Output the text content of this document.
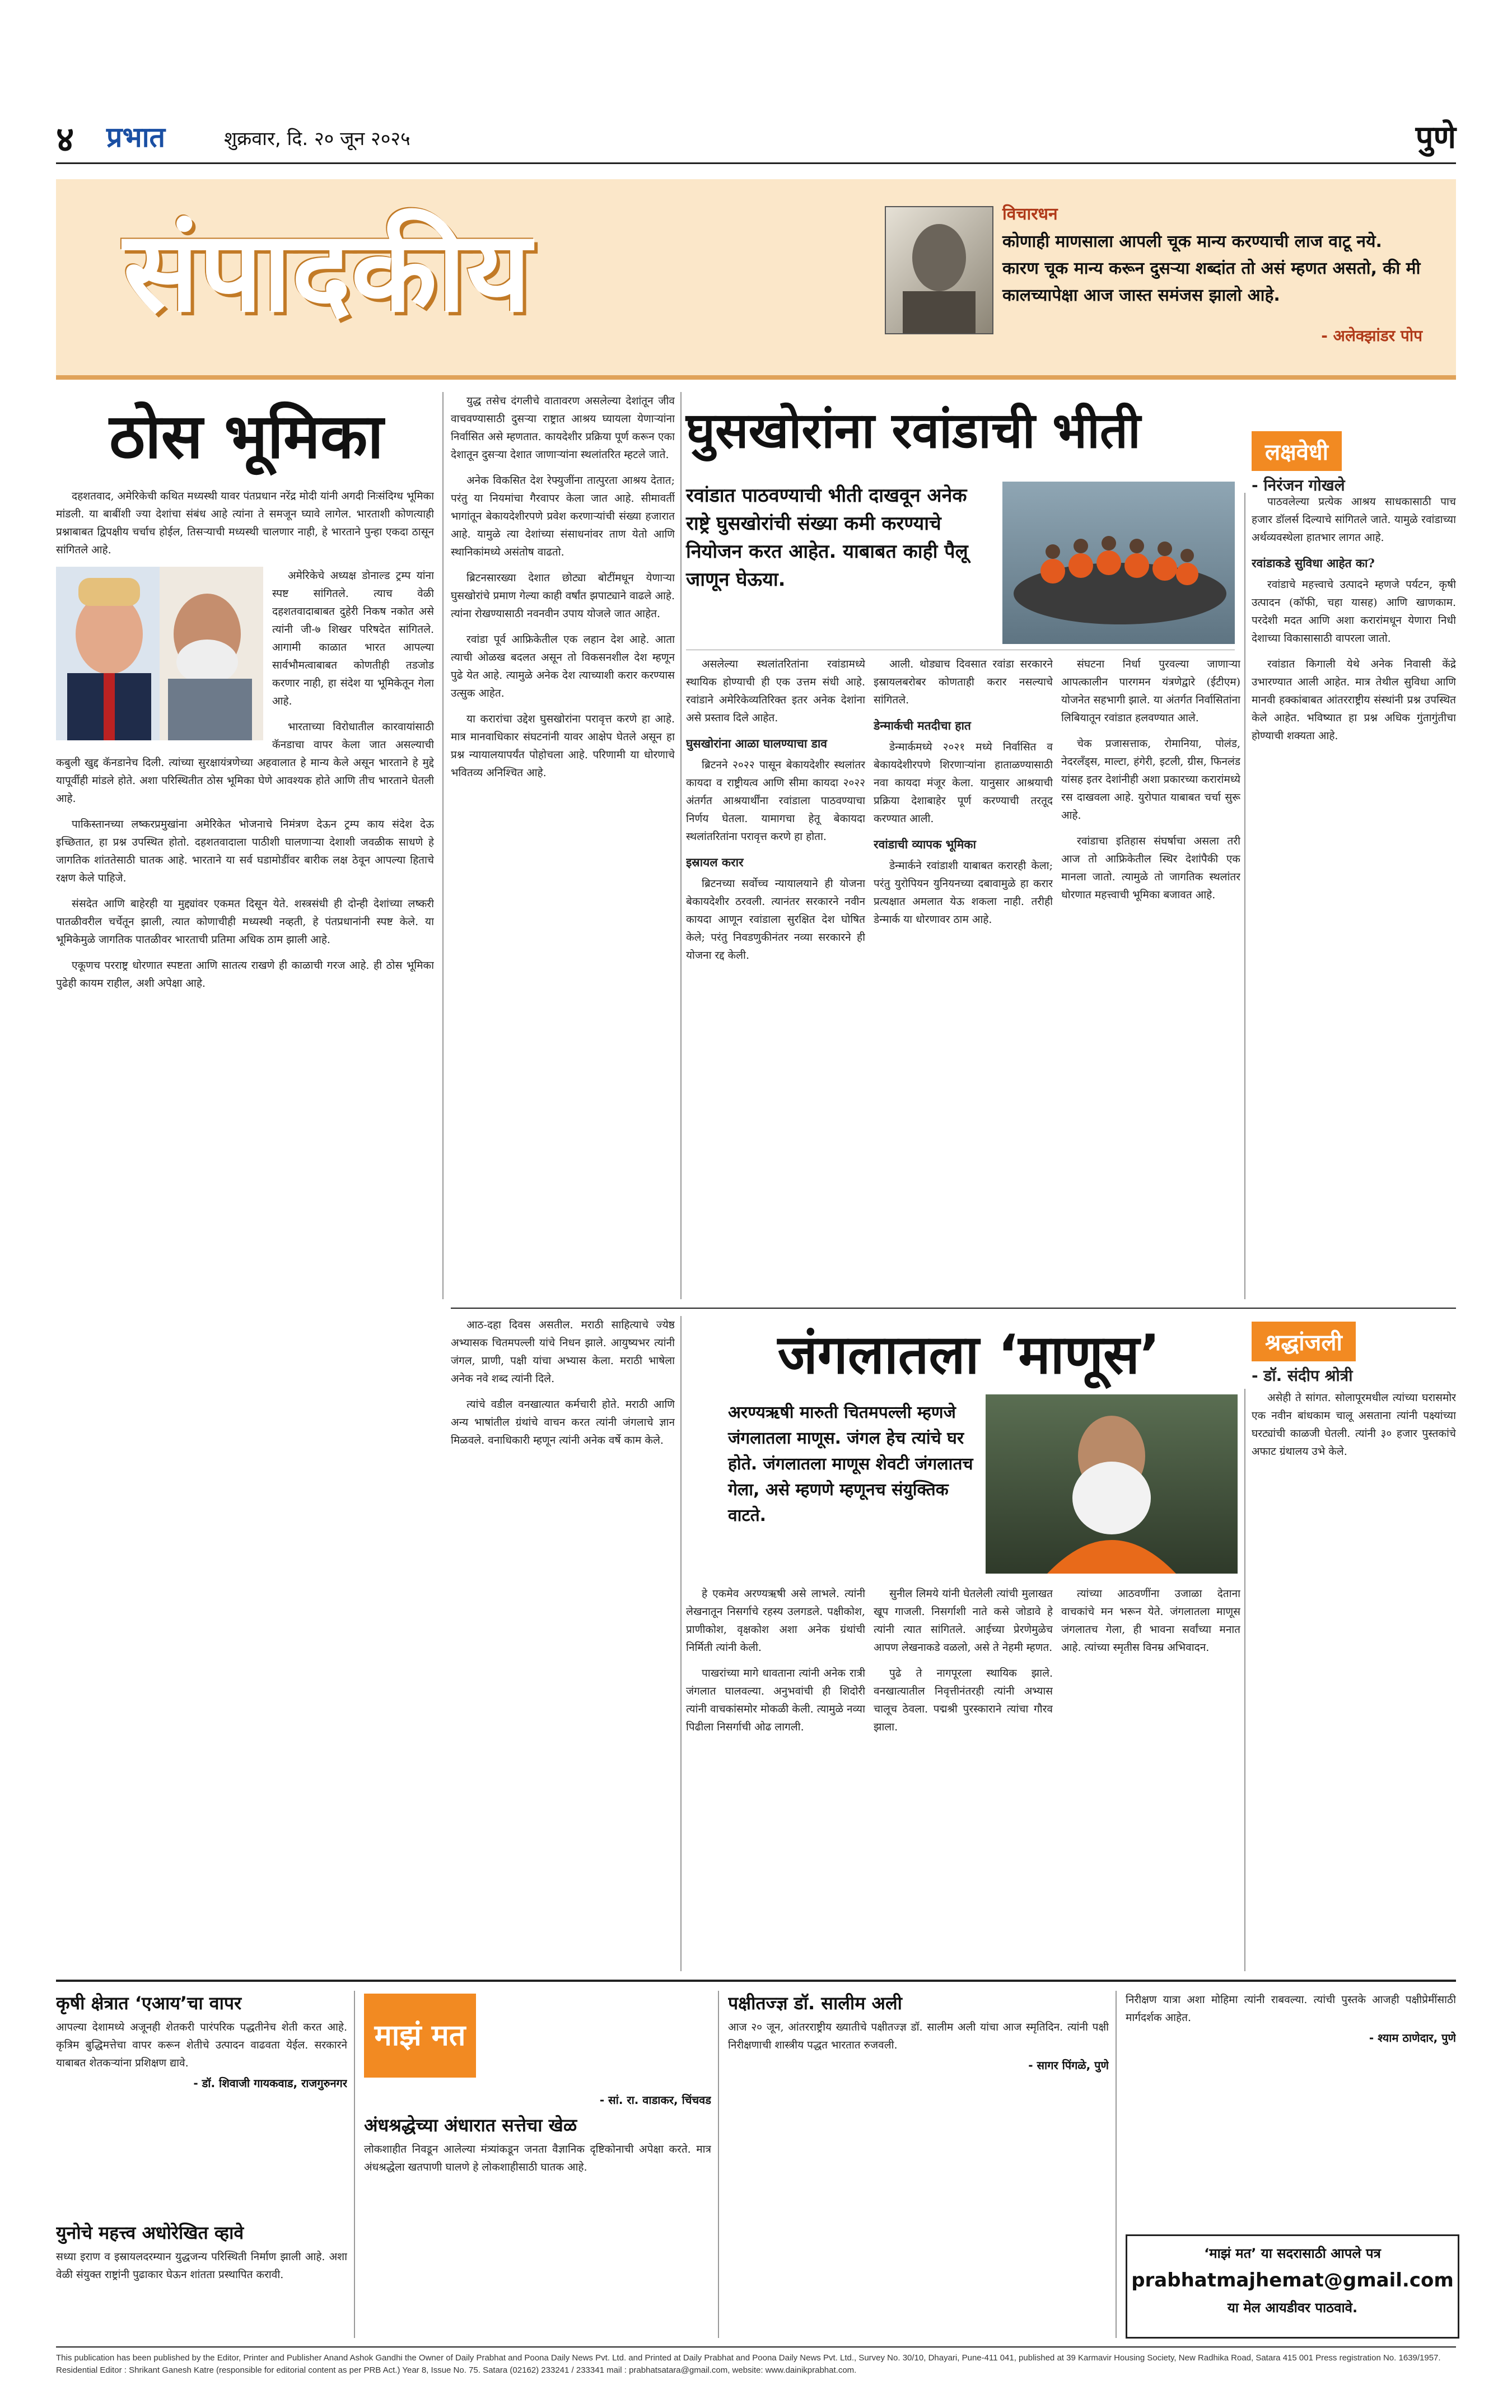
४ प्रभात	शुक्रवार, दि. २० जून २०२५	पुणे
संपादकीय	विचारधन
कोणाही माणसाला आपली चूक मान्य करण्याची लाज वाटू नये. कारण चूक मान्य करून दुसऱ्या शब्दांत तो असं म्हणत असतो, की मी कालच्यापेक्षा आज जास्त समंजस झालो आहे.
- अलेक्झांडर पोप
ठोस भूमिका

दहशतवाद, अमेरिकेची कथित मध्यस्थी यावर पंतप्रधान नरेंद्र मोदी यांनी अगदी निःसंदिग्ध भूमिका मांडली. या बाबींशी ज्या देशांचा संबंध आहे त्यांना ते समजून घ्यावे लागेल. भारताशी कोणत्याही प्रश्नाबाबत द्विपक्षीय चर्चाच होईल, तिसऱ्याची मध्यस्थी चालणार नाही, हे भारताने पुन्हा एकदा ठासून सांगितले आहे.

अमेरिकेचे अध्यक्ष डोनाल्ड ट्रम्प यांना स्पष्ट सांगितले. त्याच वेळी दहशतवादाबाबत दुहेरी निकष नकोत असे त्यांनी जी-७ शिखर परिषदेत सांगितले. आगामी काळात भारत आपल्या सार्वभौमत्वाबाबत कोणतीही तडजोड करणार नाही, हा संदेश या भूमिकेतून गेला आहे.

भारताच्या विरोधातील कारवायांसाठी कॅनडाचा वापर केला जात असल्याची कबुली खुद्द कॅनडानेच दिली. त्यांच्या सुरक्षायंत्रणेच्या अहवालात हे मान्य केले असून भारताने हे मुद्दे यापूर्वीही मांडले होते. अशा परिस्थितीत ठोस भूमिका घेणे आवश्यक होते आणि तीच भारताने घेतली आहे.

पाकिस्तानच्या लष्करप्रमुखांना अमेरिकेत भोजनाचे निमंत्रण देऊन ट्रम्प काय संदेश देऊ इच्छितात, हा प्रश्न उपस्थित होतो. दहशतवादाला पाठीशी घालणाऱ्या देशाशी जवळीक साधणे हे जागतिक शांततेसाठी घातक आहे. भारताने या सर्व घडामोडींवर बारीक लक्ष ठेवून आपल्या हिताचे रक्षण केले पाहिजे.

संसदेत आणि बाहेरही या मुद्द्यांवर एकमत दिसून येते. शस्त्रसंधी ही दोन्ही देशांच्या लष्करी पातळीवरील चर्चेतून झाली, त्यात कोणाचीही मध्यस्थी नव्हती, हे पंतप्रधानांनी स्पष्ट केले. या भूमिकेमुळे जागतिक पातळीवर भारताची प्रतिमा अधिक ठाम झाली आहे.

एकूणच परराष्ट्र धोरणात स्पष्टता आणि सातत्य राखणे ही काळाची गरज आहे. ही ठोस भूमिका पुढेही कायम राहील, अशी अपेक्षा आहे.

युद्ध तसेच दंगलीचे वातावरण असलेल्या देशांतून जीव वाचवण्यासाठी दुसऱ्या राष्ट्रात आश्रय घ्यायला येणाऱ्यांना निर्वासित असे म्हणतात. कायदेशीर प्रक्रिया पूर्ण करून एका देशातून दुसऱ्या देशात जाणाऱ्यांना स्थलांतरित म्हटले जाते.

अनेक विकसित देश रेफ्युजींना तात्पुरता आश्रय देतात; परंतु या नियमांचा गैरवापर केला जात आहे. सीमावर्ती भागांतून बेकायदेशीरपणे प्रवेश करणाऱ्यांची संख्या हजारात आहे. यामुळे त्या देशांच्या संसाधनांवर ताण येतो आणि स्थानिकांमध्ये असंतोष वाढतो.

ब्रिटनसारख्या देशात छोट्या बोटींमधून येणाऱ्या घुसखोरांचे प्रमाण गेल्या काही वर्षांत झपाट्याने वाढले आहे. त्यांना रोखण्यासाठी नवनवीन उपाय योजले जात आहेत.

रवांडा पूर्व आफ्रिकेतील एक लहान देश आहे. आता त्याची ओळख बदलत असून तो विकसनशील देश म्हणून पुढे येत आहे. त्यामुळे अनेक देश त्याच्याशी करार करण्यास उत्सुक आहेत.

या करारांचा उद्देश घुसखोरांना परावृत्त करणे हा आहे. मात्र मानवाधिकार संघटनांनी यावर आक्षेप घेतले असून हा प्रश्न न्यायालयापर्यंत पोहोचला आहे. परिणामी या धोरणाचे भवितव्य अनिश्चित आहे.

घुसखोरांना रवांडाची भीती	लक्षवेधी
- निरंजन गोखले
रवांडात पाठवण्याची भीती दाखवून अनेक राष्ट्रे घुसखोरांची संख्या कमी करण्याचे नियोजन करत आहेत. याबाबत काही पैलू जाणून घेऊया.

असलेल्या स्थलांतरितांना रवांडामध्ये स्थायिक होण्याची ही एक उत्तम संधी आहे. रवांडाने अमेरिकेव्यतिरिक्त इतर अनेक देशांना असे प्रस्ताव दिले आहेत.

घुसखोरांना आळा घालण्याचा डाव

ब्रिटनने २०२२ पासून बेकायदेशीर स्थलांतर कायदा व राष्ट्रीयत्व आणि सीमा कायदा २०२२ अंतर्गत आश्रयार्थींना रवांडाला पाठवण्याचा निर्णय घेतला. यामागचा हेतू बेकायदा स्थलांतरितांना परावृत्त करणे हा होता.

इस्रायल करार

ब्रिटनच्या सर्वोच्च न्यायालयाने ही योजना बेकायदेशीर ठरवली. त्यानंतर सरकारने नवीन कायदा आणून रवांडाला सुरक्षित देश घोषित केले; परंतु निवडणुकीनंतर नव्या सरकारने ही योजना रद्द केली.

आली. थोड्याच दिवसात रवांडा सरकारने इस्रायलबरोबर कोणताही करार नसल्याचे सांगितले.

डेन्मार्कची मतदीचा हात

डेन्मार्कमध्ये २०२१ मध्ये निर्वासित व बेकायदेशीरपणे शिरणाऱ्यांना हाताळण्यासाठी नवा कायदा मंजूर केला. यानुसार आश्रयाची प्रक्रिया देशाबाहेर पूर्ण करण्याची तरतूद करण्यात आली.

रवांडाची व्यापक भूमिका

डेन्मार्कने रवांडाशी याबाबत करारही केला; परंतु युरोपियन युनियनच्या दबावामुळे हा करार प्रत्यक्षात अमलात येऊ शकला नाही. तरीही डेन्मार्क या धोरणावर ठाम आहे.

संघटना निर्धा पुरवल्या जाणाऱ्या आपत्कालीन पारगमन यंत्रणेद्वारे (ईटीएम) योजनेत सहभागी झाले. या अंतर्गत निर्वासितांना लिबियातून रवांडात हलवण्यात आले.

चेक प्रजासत्ताक, रोमानिया, पोलंड, नेदरलँड्स, माल्टा, हंगेरी, इटली, ग्रीस, फिनलंड यांसह इतर देशांनीही अशा प्रकारच्या करारांमध्ये रस दाखवला आहे. युरोपात याबाबत चर्चा सुरू आहे.

रवांडाचा इतिहास संघर्षाचा असला तरी आज तो आफ्रिकेतील स्थिर देशांपैकी एक मानला जातो. त्यामुळे तो जागतिक स्थलांतर धोरणात महत्त्वाची भूमिका बजावत आहे.

पाठवलेल्या प्रत्येक आश्रय साधकासाठी पाच हजार डॉलर्स दिल्याचे सांगितले जाते. यामुळे रवांडाच्या अर्थव्यवस्थेला हातभार लागत आहे.

रवांडाकडे सुविधा आहेत का?

रवांडाचे महत्त्वाचे उत्पादने म्हणजे पर्यटन, कृषी उत्पादन (कॉफी, चहा यासह) आणि खाणकाम. परदेशी मदत आणि अशा करारांमधून येणारा निधी देशाच्या विकासासाठी वापरला जातो.

रवांडात किगाली येथे अनेक निवासी केंद्रे उभारण्यात आली आहेत. मात्र तेथील सुविधा आणि मानवी हक्कांबाबत आंतरराष्ट्रीय संस्थांनी प्रश्न उपस्थित केले आहेत. भविष्यात हा प्रश्न अधिक गुंतागुंतीचा होण्याची शक्यता आहे.

आठ-दहा दिवस असतील. मराठी साहित्याचे ज्येष्ठ अभ्यासक चितमपल्ली यांचे निधन झाले. आयुष्यभर त्यांनी जंगल, प्राणी, पक्षी यांचा अभ्यास केला. मराठी भाषेला अनेक नवे शब्द त्यांनी दिले.

त्यांचे वडील वनखात्यात कर्मचारी होते. मराठी आणि अन्य भाषांतील ग्रंथांचे वाचन करत त्यांनी जंगलाचे ज्ञान मिळवले. वनाधिकारी म्हणून त्यांनी अनेक वर्षे काम केले.

जंगलातला ‘माणूस’	श्रद्धांजली
- डॉ. संदीप श्रोत्री
अरण्यऋषी मारुती चितमपल्ली म्हणजे जंगलातला माणूस. जंगल हेच त्यांचे घर होते. जंगलातला माणूस शेवटी जंगलातच गेला, असे म्हणणे म्हणूनच संयुक्तिक वाटते.

हे एकमेव अरण्यऋषी असे लाभले. त्यांनी लेखनातून निसर्गाचे रहस्य उलगडले. पक्षीकोश, प्राणीकोश, वृक्षकोश अशा अनेक ग्रंथांची निर्मिती त्यांनी केली.

पाखरांच्या मागे धावताना त्यांनी अनेक रात्री जंगलात घालवल्या. अनुभवांची ही शिदोरी त्यांनी वाचकांसमोर मोकळी केली. त्यामुळे नव्या पिढीला निसर्गाची ओढ लागली.

सुनील लिमये यांनी घेतलेली त्यांची मुलाखत खूप गाजली. निसर्गाशी नाते कसे जोडावे हे त्यांनी त्यात सांगितले. आईच्या प्रेरणेमुळेच आपण लेखनाकडे वळलो, असे ते नेहमी म्हणत.

पुढे ते नागपूरला स्थायिक झाले. वनखात्यातील निवृत्तीनंतरही त्यांनी अभ्यास चालूच ठेवला. पद्मश्री पुरस्काराने त्यांचा गौरव झाला.

त्यांच्या आठवणींना उजाळा देताना वाचकांचे मन भरून येते. जंगलातला माणूस जंगलातच गेला, ही भावना सर्वांच्या मनात आहे. त्यांच्या स्मृतीस विनम्र अभिवादन.

असेही ते सांगत. सोलापूरमधील त्यांच्या घरासमोर एक नवीन बांधकाम चालू असताना त्यांनी पक्ष्यांच्या घरट्यांची काळजी घेतली. त्यांनी ३० हजार पुस्तकांचे अफाट ग्रंथालय उभे केले.

कृषी क्षेत्रात ‘एआय’चा वापर
आपल्या देशामध्ये अजूनही शेतकरी पारंपरिक पद्धतीनेच शेती करत आहे. कृत्रिम बुद्धिमत्तेचा वापर करून शेतीचे उत्पादन वाढवता येईल. सरकारने याबाबत शेतकऱ्यांना प्रशिक्षण द्यावे.
- डॉ. शिवाजी गायकवाड, राजगुरुनगर
युनोचे महत्त्व अधोरेखित व्हावे
सध्या इराण व इस्रायलदरम्यान युद्धजन्य परिस्थिती निर्माण झाली आहे. अशा वेळी संयुक्त राष्ट्रांनी पुढाकार घेऊन शांतता प्रस्थापित करावी.
माझं मत
- सां. रा. वाडाकर, चिंचवड
अंधश्रद्धेच्या अंधारात सत्तेचा खेळ
लोकशाहीत निवडून आलेल्या मंत्र्यांकडून जनता वैज्ञानिक दृष्टिकोनाची अपेक्षा करते. मात्र अंधश्रद्धेला खतपाणी घालणे हे लोकशाहीसाठी घातक आहे.
पक्षीतज्ज्ञ डॉ. सालीम अली
आज २० जून, आंतरराष्ट्रीय ख्यातीचे पक्षीतज्ज्ञ डॉ. सालीम अली यांचा आज स्मृतिदिन. त्यांनी पक्षी निरीक्षणाची शास्त्रीय पद्धत भारतात रुजवली.
- सागर पिंगळे, पुणे
निरीक्षण यात्रा अशा मोहिमा त्यांनी राबवल्या. त्यांची पुस्तके आजही पक्षीप्रेमींसाठी मार्गदर्शक आहेत.
- श्याम ठाणेदार, पुणे
‘माझं मत’ या सदरासाठी आपले पत्र
prabhatmajhemat@gmail.com
या मेल आयडीवर पाठवावे.
This publication has been published by the Editor, Printer and Publisher Anand Ashok Gandhi the Owner of Daily Prabhat and Poona Daily News Pvt. Ltd. and Printed at Daily Prabhat and Poona Daily News Pvt. Ltd., Survey No. 30/10, Dhayari, Pune-411 041, published at 39 Karmavir Housing Society, New Radhika Road, Satara 415 001 Press registration No. 1639/1957. Residential Editor : Shrikant Ganesh Katre (responsible for editorial content as per PRB Act.) Year 8, Issue No. 75. Satara (02162) 233241 / 233341 mail : prabhatsatara@gmail.com, website: www.dainikprabhat.com.
